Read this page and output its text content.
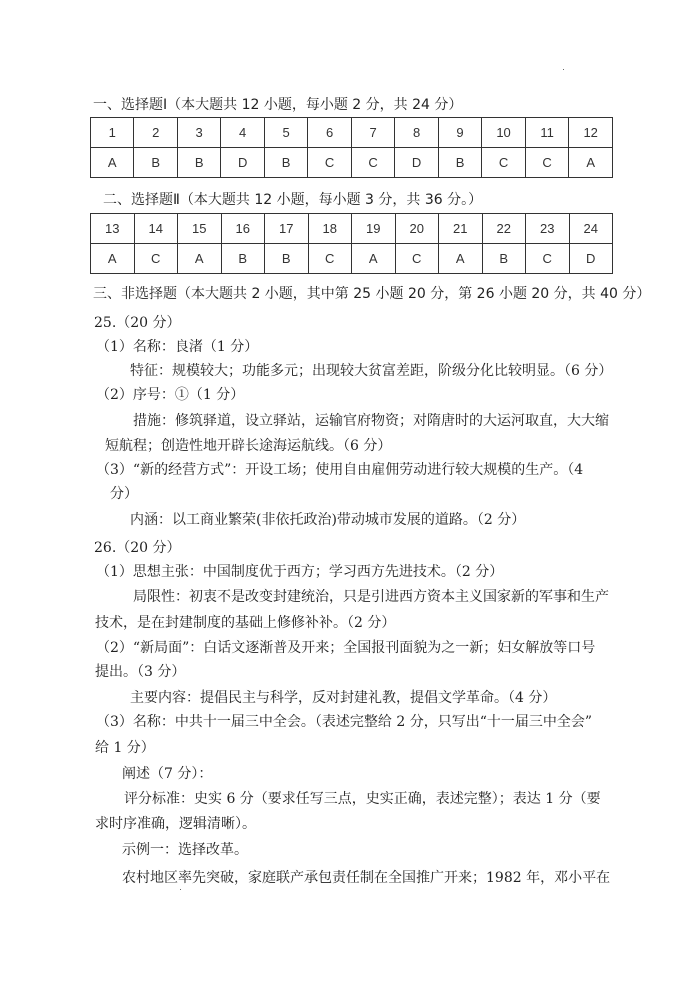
一、选择题Ⅰ（本大题共 12 小题，每小题 2 分，共 24 分）
1	2	3	4	5	6	7	8	9	10	11	12
A	B	B	D	B	C	C	D	B	C	C	A
二、选择题Ⅱ（本大题共 12 小题，每小题 3 分，共 36 分。）
13	14	15	16	17	18	19	20	21	22	23	24
A	C	A	B	B	C	A	C	A	B	C	D
三、非选择题（本大题共 2 小题，其中第 25 小题 20 分，第 26 小题 20 分，共 40 分）
25.（20 分）
（1）名称：良渚（1 分）
特征：规模较大；功能多元；出现较大贫富差距，阶级分化比较明显。（6 分）
（2）序号：①（1 分）
措施：修筑驿道，设立驿站，运输官府物资；对隋唐时的大运河取直，大大缩
短航程；创造性地开辟长途海运航线。（6 分）
（3）“新的经营方式”：开设工场；使用自由雇佣劳动进行较大规模的生产。（4
分）
内涵：以工商业繁荣(非依托政治)带动城市发展的道路。（2 分）
26.（20 分）
（1）思想主张：中国制度优于西方；学习西方先进技术。（2 分）
局限性：初衷不是改变封建统治，只是引进西方资本主义国家新的军事和生产
技术，是在封建制度的基础上修修补补。（2 分）
（2）“新局面”：白话文逐渐普及开来；全国报刊面貌为之一新；妇女解放等口号
提出。（3 分）
主要内容：提倡民主与科学，反对封建礼教，提倡文学革命。（4 分）
（3）名称：中共十一届三中全会。（表述完整给 2 分，只写出“十一届三中全会”
给 1 分）
阐述（7 分）：
评分标准：史实 6 分（要求任写三点，史实正确，表述完整）；表达 1 分（要
求时序准确，逻辑清晰）。
示例一：选择改革。
农村地区率先突破，家庭联产承包责任制在全国推广开来；1982 年，邓小平在
